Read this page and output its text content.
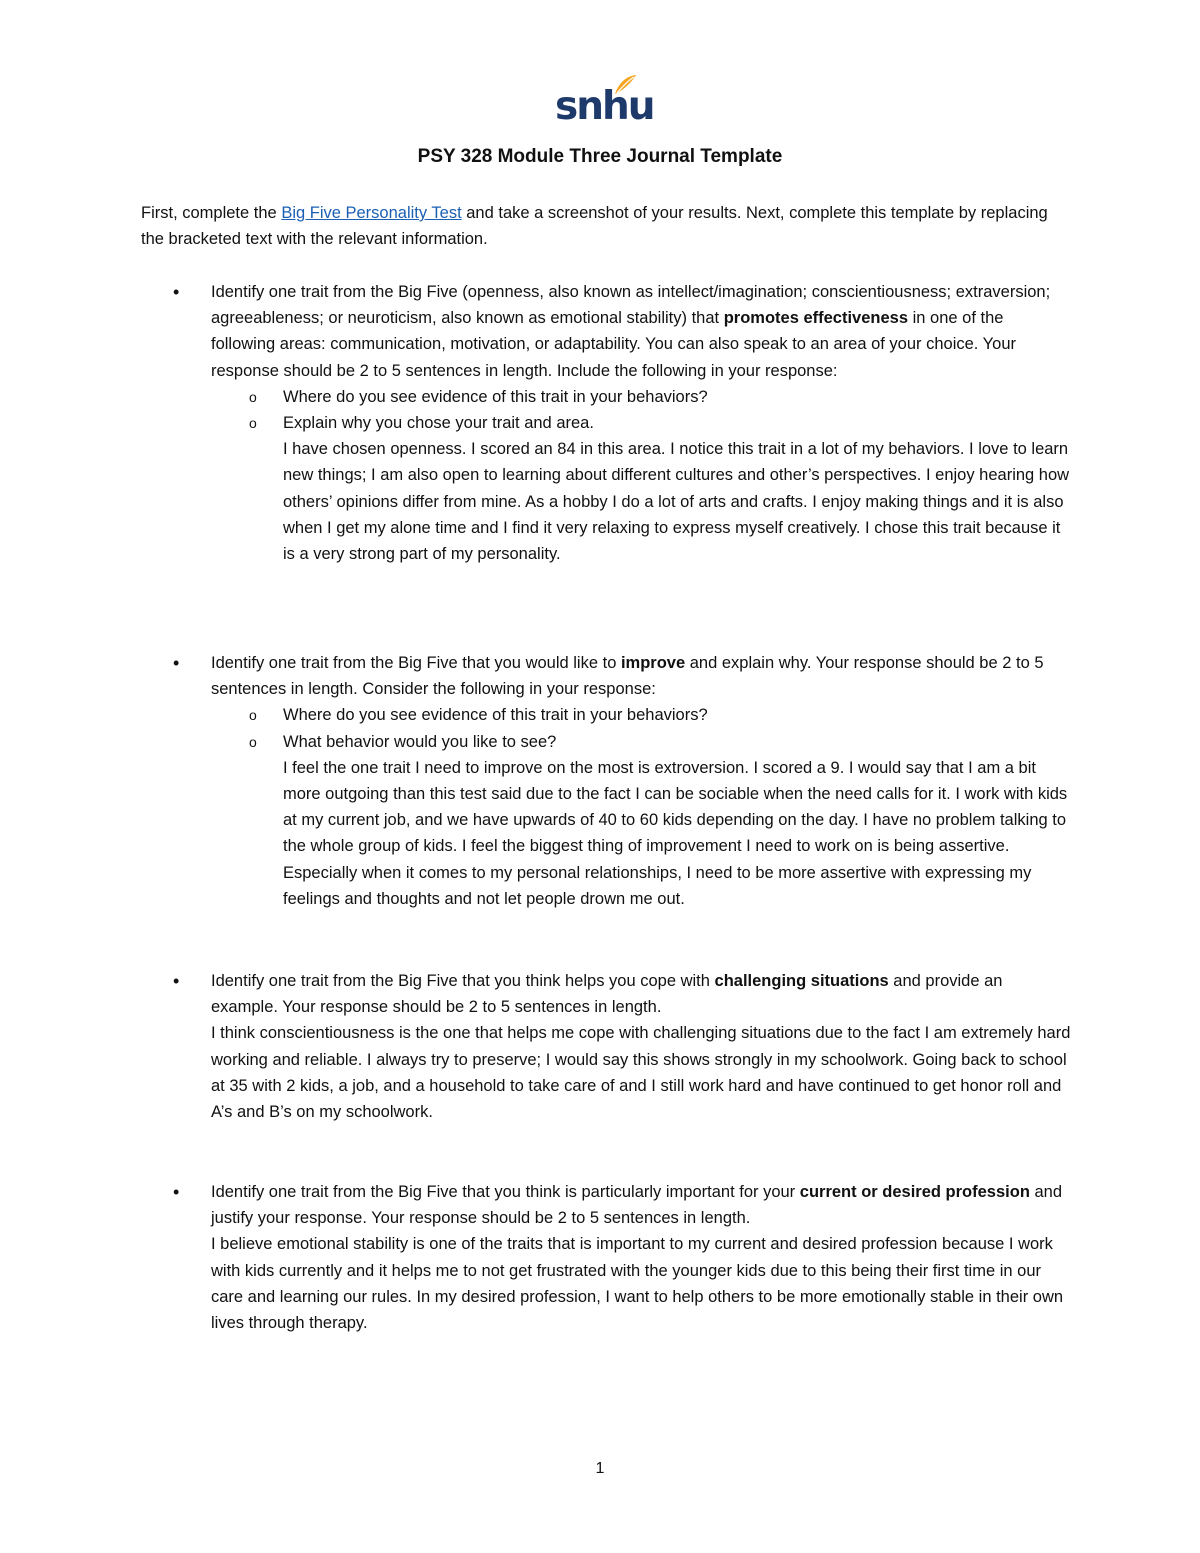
snhu
PSY 328 Module Three Journal Template
First, complete the Big Five Personality Test and take a screenshot of your results. Next, complete this template by replacing the bracketed text with the relevant information.
• Identify one trait from the Big Five (openness, also known as intellect/imagination; conscientiousness; extraversion; agreeableness; or neuroticism, also known as emotional stability) that promotes effectiveness in one of the following areas: communication, motivation, or adaptability. You can also speak to an area of your choice. Your response should be 2 to 5 sentences in length. Include the following in your response:
o Where do you see evidence of this trait in your behaviors?
o Explain why you chose your trait and area.
I have chosen openness. I scored an 84 in this area. I notice this trait in a lot of my behaviors. I love to learn new things; I am also open to learning about different cultures and other’s perspectives. I enjoy hearing how others’ opinions differ from mine. As a hobby I do a lot of arts and crafts. I enjoy making things and it is also when I get my alone time and I find it very relaxing to express myself creatively. I chose this trait because it is a very strong part of my personality.
• Identify one trait from the Big Five that you would like to improve and explain why. Your response should be 2 to 5 sentences in length. Consider the following in your response:
o Where do you see evidence of this trait in your behaviors?
o What behavior would you like to see?
I feel the one trait I need to improve on the most is extroversion. I scored a 9. I would say that I am a bit more outgoing than this test said due to the fact I can be sociable when the need calls for it. I work with kids at my current job, and we have upwards of 40 to 60 kids depending on the day. I have no problem talking to the whole group of kids. I feel the biggest thing of improvement I need to work on is being assertive. Especially when it comes to my personal relationships, I need to be more assertive with expressing my feelings and thoughts and not let people drown me out.
• Identify one trait from the Big Five that you think helps you cope with challenging situations and provide an example. Your response should be 2 to 5 sentences in length.
I think conscientiousness is the one that helps me cope with challenging situations due to the fact I am extremely hard working and reliable. I always try to preserve; I would say this shows strongly in my schoolwork. Going back to school at 35 with 2 kids, a job, and a household to take care of and I still work hard and have continued to get honor roll and A’s and B’s on my schoolwork.
• Identify one trait from the Big Five that you think is particularly important for your current or desired profession and justify your response. Your response should be 2 to 5 sentences in length.
I believe emotional stability is one of the traits that is important to my current and desired profession because I work with kids currently and it helps me to not get frustrated with the younger kids due to this being their first time in our care and learning our rules. In my desired profession, I want to help others to be more emotionally stable in their own lives through therapy.
1
